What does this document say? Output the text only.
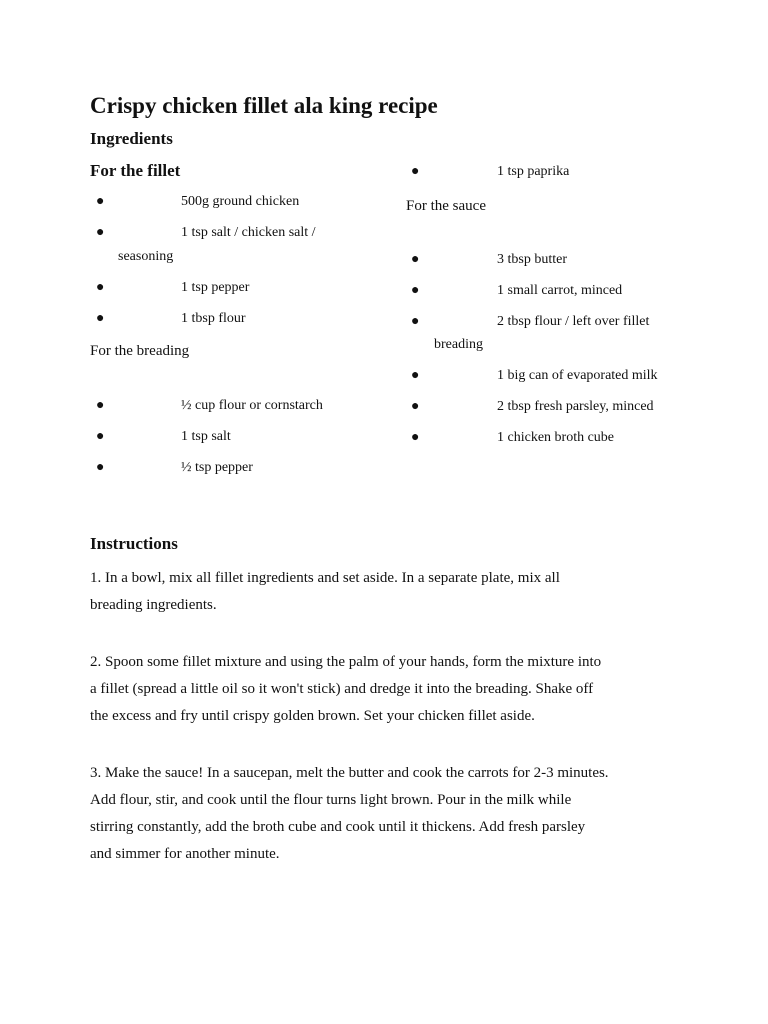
Crispy chicken fillet ala king recipe
Ingredients
For the fillet
●	500g ground chicken
●	1 tsp salt / chicken salt /
seasoning
●	1 tsp pepper
●	1 tbsp flour
For the breading
●	½ cup flour or cornstarch
●	1 tsp salt
●	½ tsp pepper
●	1 tsp paprika
For the sauce
●	3 tbsp butter
●	1 small carrot, minced
●	2 tbsp flour / left over fillet
breading
●	1 big can of evaporated milk
●	2 tbsp fresh parsley, minced
●	1 chicken broth cube
Instructions
1. In a bowl, mix all fillet ingredients and set aside. In a separate plate, mix all
breading ingredients.
2. Spoon some fillet mixture and using the palm of your hands, form the mixture into
a fillet (spread a little oil so it won't stick) and dredge it into the breading. Shake off
the excess and fry until crispy golden brown. Set your chicken fillet aside.
3. Make the sauce! In a saucepan, melt the butter and cook the carrots for 2-3 minutes.
Add flour, stir, and cook until the flour turns light brown. Pour in the milk while
stirring constantly, add the broth cube and cook until it thickens. Add fresh parsley
and simmer for another minute.
